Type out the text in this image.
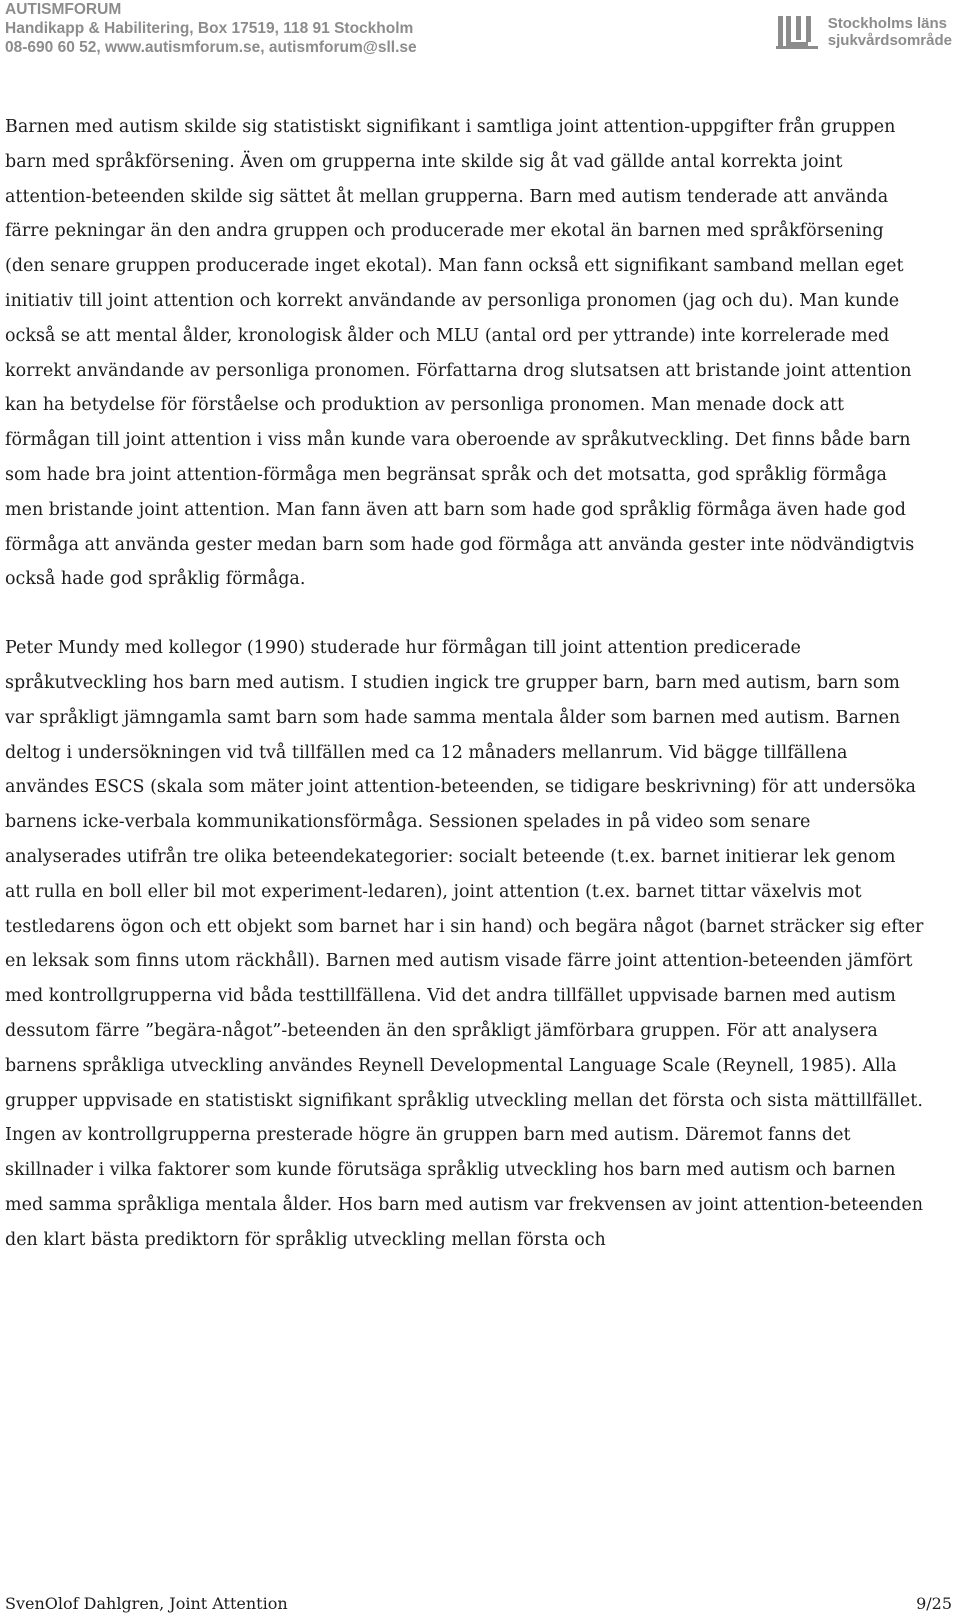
AUTISMFORUM
Handikapp & Habilitering, Box 17519, 118 91 Stockholm
08-690 60 52, www.autismforum.se, autismforum@sll.se
Stockholms läns
sjukvårdsområde

Barnen med autism skilde sig statistiskt signifikant i samtliga joint attention-uppgifter från gruppen barn med språkförsening. Även om grupperna inte skilde sig åt vad gällde antal korrekta joint attention-beteenden skilde sig sättet åt mellan grupperna. Barn med autism tenderade att använda färre pekningar än den andra gruppen och producerade mer ekotal än barnen med språkförsening (den senare gruppen producerade inget ekotal). Man fann också ett signifikant samband mellan eget initiativ till joint attention och korrekt användande av personliga pronomen (jag och du). Man kunde också se att mental ålder, kronologisk ålder och MLU (antal ord per yttrande) inte korrelerade med korrekt användande av personliga pronomen. Författarna drog slutsatsen att bristande joint attention kan ha betydelse för förståelse och produktion av personliga pronomen. Man menade dock att förmågan till joint attention i viss mån kunde vara oberoende av språkutveckling. Det finns både barn som hade bra joint attention-förmåga men begränsat språk och det motsatta, god språklig förmåga men bristande joint attention. Man fann även att barn som hade god språklig förmåga även hade god förmåga att använda gester medan barn som hade god förmåga att använda gester inte nödvändigtvis också hade god språklig förmåga.

Peter Mundy med kollegor (1990) studerade hur förmågan till joint attention predicerade språkutveckling hos barn med autism. I studien ingick tre grupper barn, barn med autism, barn som var språkligt jämngamla samt barn som hade samma mentala ålder som barnen med autism. Barnen deltog i undersökningen vid två tillfällen med ca 12 månaders mellanrum. Vid bägge tillfällena användes ESCS (skala som mäter joint attention-beteenden, se tidigare beskrivning) för att undersöka barnens icke-verbala kommunikationsförmåga. Sessionen spelades in på video som senare analyserades utifrån tre olika beteendekategorier: socialt beteende (t.ex. barnet initierar lek genom att rulla en boll eller bil mot experiment-ledaren), joint attention (t.ex. barnet tittar växelvis mot testledarens ögon och ett objekt som barnet har i sin hand) och begära något (barnet sträcker sig efter en leksak som finns utom räckhåll). Barnen med autism visade färre joint attention-beteenden jämfört med kontrollgrupperna vid båda testtillfällena. Vid det andra tillfället uppvisade barnen med autism dessutom färre ”begära-något”-beteenden än den språkligt jämförbara gruppen. För att analysera barnens språkliga utveckling användes Reynell Developmental Language Scale (Reynell, 1985). Alla grupper uppvisade en statistiskt signifikant språklig utveckling mellan det första och sista mättillfället. Ingen av kontrollgrupperna presterade högre än gruppen barn med autism. Däremot fanns det skillnader i vilka faktorer som kunde förutsäga språklig utveckling hos barn med autism och barnen med samma språkliga mentala ålder. Hos barn med autism var frekvensen av joint attention-beteenden den klart bästa prediktorn för språklig utveckling mellan första och

SvenOlof Dahlgren, Joint Attention	9/25
